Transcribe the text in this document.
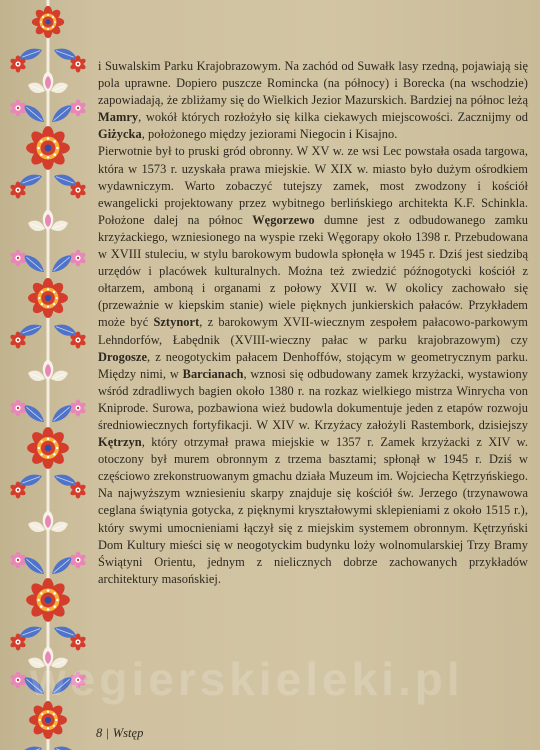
i Suwalskim Parku Krajobrazowym. Na zachód od Suwałk lasy rzedną, pojawiają się pola uprawne. Dopiero puszcze Romincka (na północy) i Borecka (na wschodzie) zapowiadają, że zbliżamy się do Wielkich Jezior Mazurskich. Bardziej na północ leżą Mamry, wokół których rozłożyło się kilka ciekawych miejscowości. Zacznijmy od Giżycka, położonego między jeziorami Niegocin i Kisajno.

Pierwotnie był to pruski gród obronny. W XV w. ze wsi Lec powstała osada targowa, która w 1573 r. uzyskała prawa miejskie. W XIX w. miasto było dużym ośrodkiem wydawniczym. Warto zobaczyć tutejszy zamek, most zwodzony i kościół ewangelicki projektowany przez wybitnego berlińskiego architekta K.F. Schinkla. Położone dalej na północ Węgorzewo dumne jest z odbudowanego zamku krzyżackiego, wzniesionego na wyspie rzeki Węgorapy około 1398 r. Przebudowana w XVIII stuleciu, w stylu barokowym budowla spłonęła w 1945 r. Dziś jest siedzibą urzędów i placówek kulturalnych. Można też zwiedzić późnogotycki kościół z ołtarzem, amboną i organami z połowy XVII w. W okolicy zachowało się (przeważnie w kiepskim stanie) wiele pięknych junkierskich pałaców. Przykładem może być Sztynort, z barokowym XVII-wiecznym zespołem pałacowo-parkowym Lehndorfów, Łabędnik (XVIII-wieczny pałac w parku krajobrazowym) czy Drogosze, z neogotyckim pałacem Denhoffów, stojącym w geometrycznym parku. Między nimi, w Barcianach, wznosi się odbudowany zamek krzyżacki, wystawiony wśród zdradliwych bagien około 1380 r. na rozkaz wielkiego mistrza Winrycha von Kniprode. Surowa, pozbawiona wież budowla dokumentuje jeden z etapów rozwoju średniowiecznych fortyfikacji. W XIV w. Krzyżacy założyli Rastembork, dzisiejszy Kętrzyn, który otrzymał prawa miejskie w 1357 r. Zamek krzyżacki z XIV w. otoczony był murem obronnym z trzema basztami; spłonął w 1945 r. Dziś w częściowo zrekonstruowanym gmachu działa Muzeum im. Wojciecha Kętrzyńskiego. Na najwyższym wzniesieniu skarpy znajduje się kościół św. Jerzego (trzynawowa ceglana świątynia gotycka, z pięknymi kryształowymi sklepieniami z około 1515 r.), który swymi umocnieniami łączył się z miejskim systemem obronnym. Kętrzyński Dom Kultury mieści się w neogotyckim budynku loży wolnomularskiej Trzy Bramy Świątyni Orientu, jednym z nielicznych dobrze zachowanych przykładów architektury masońskiej.

wegierskieleki.pl
8 | Wstęp
